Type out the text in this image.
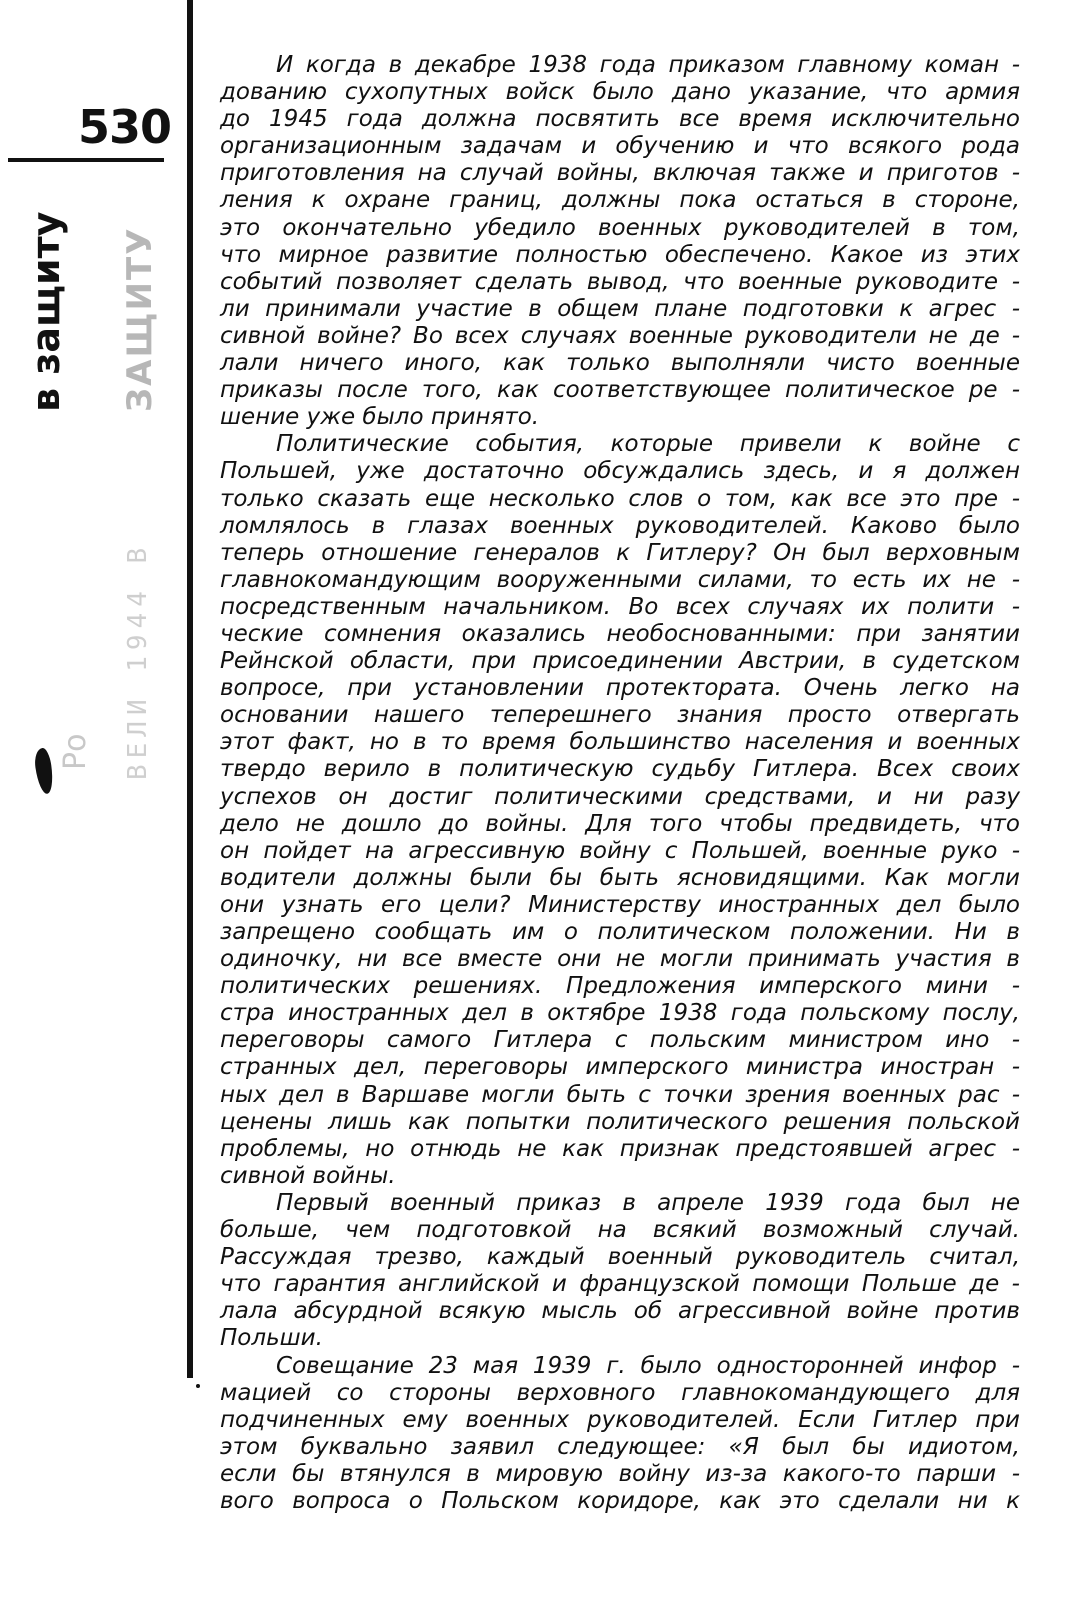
530
в защиту ЗАЩИТУ
ВЕЛИ 1944 В
Ро

И когда в декабре 1938 года приказом главному коман -

дованию сухопутных войск было дано указание, что армия

до 1945 года должна посвятить все время исключительно

организационным задачам и обучению и что всякого рода

приготовления на случай войны, включая также и приготов -

ления к охране границ, должны пока остаться в стороне,

это окончательно убедило военных руководителей в том,

что мирное развитие полностью обеспечено. Какое из этих

событий позволяет сделать вывод, что военные руководите -

ли принимали участие в общем плане подготовки к агрес -

сивной войне? Во всех случаях военные руководители не де -

лали ничего иного, как только выполняли чисто военные

приказы после того, как соответствующее политическое ре -

шение уже было принято.

Политические события, которые привели к войне с

Польшей, уже достаточно обсуждались здесь, и я должен

только сказать еще несколько слов о том, как все это пре -

ломлялось в глазах военных руководителей. Каково было

теперь отношение генералов к Гитлеру? Он был верховным

главнокомандующим вооруженными силами, то есть их не -

посредственным начальником. Во всех случаях их полити -

ческие сомнения оказались необоснованными: при занятии

Рейнской области, при присоединении Австрии, в судетском

вопросе, при установлении протектората. Очень легко на

основании нашего теперешнего знания просто отвергать

этот факт, но в то время большинство населения и военных

твердо верило в политическую судьбу Гитлера. Всех своих

успехов он достиг политическими средствами, и ни разу

дело не дошло до войны. Для того чтобы предвидеть, что

он пойдет на агрессивную войну с Польшей, военные руко -

водители должны были бы быть ясновидящими. Как могли

они узнать его цели? Министерству иностранных дел было

запрещено сообщать им о политическом положении. Ни в

одиночку, ни все вместе они не могли принимать участия в

политических решениях. Предложения имперского мини -

стра иностранных дел в октябре 1938 года польскому послу,

переговоры самого Гитлера с польским министром ино -

странных дел, переговоры имперского министра иностран -

ных дел в Варшаве могли быть с точки зрения военных рас -

ценены лишь как попытки политического решения польской

проблемы, но отнюдь не как признак предстоявшей агрес -

сивной войны.

Первый военный приказ в апреле 1939 года был не

больше, чем подготовкой на всякий возможный случай.

Рассуждая трезво, каждый военный руководитель считал,

что гарантия английской и французской помощи Польше де -

лала абсурдной всякую мысль об агрессивной войне против

Польши.

Совещание 23 мая 1939 г. было односторонней инфор -

мацией со стороны верховного главнокомандующего для

подчиненных ему военных руководителей. Если Гитлер при

этом буквально заявил следующее: «Я был бы идиотом,

если бы втянулся в мировую войну из-за какого-то парши -

вого вопроса о Польском коридоре, как это сделали ни к
